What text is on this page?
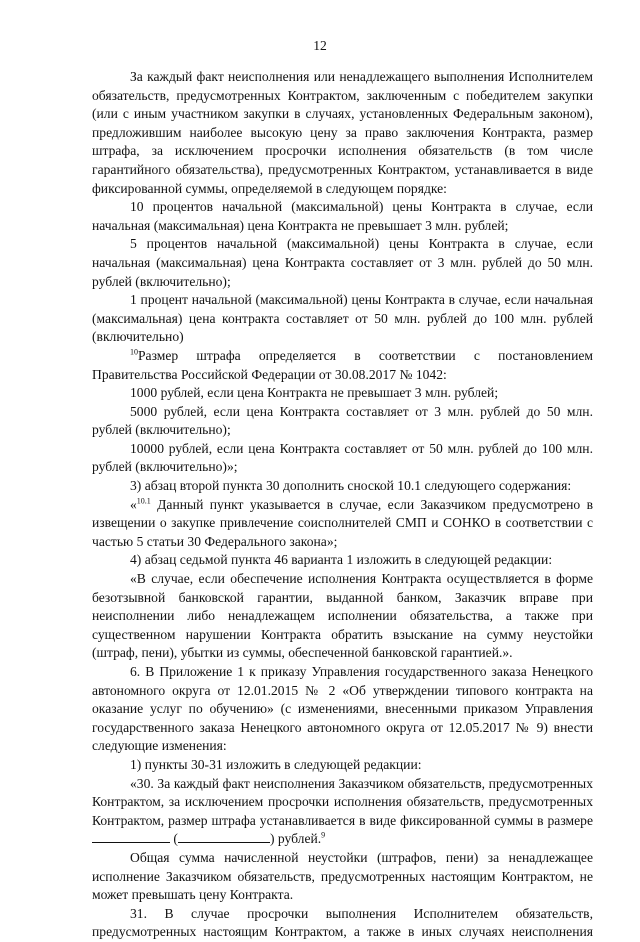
12

За каждый факт неисполнения или ненадлежащего выполнения Исполнителем обязательств, предусмотренных Контрактом, заключенным с победителем закупки (или с иным участником закупки в случаях, установленных Федеральным законом), предложившим наиболее высокую цену за право заключения Контракта, размер штрафа, за исключением просрочки исполнения обязательств (в том числе гарантийного обязательства), предусмотренных Контрактом, устанавливается в виде фиксированной суммы, определяемой в следующем порядке:

10 процентов начальной (максимальной) цены Контракта в случае, если начальная (максимальная) цена Контракта не превышает 3 млн. рублей;

5 процентов начальной (максимальной) цены Контракта в случае, если начальная (максимальная) цена Контракта составляет от 3 млн. рублей до 50 млн. рублей (включительно);

1 процент начальной (максимальной) цены Контракта в случае, если начальная (максимальная) цена контракта составляет от 50 млн. рублей до 100 млн. рублей (включительно)

$^{10}$Размер штрафа определяется в соответствии с постановлением Правительства Российской Федерации от 30.08.2017 № 1042:

1000 рублей, если цена Контракта не превышает 3 млн. рублей;

5000 рублей, если цена Контракта составляет от 3 млн. рублей до 50 млн. рублей (включительно);

10000 рублей, если цена Контракта составляет от 50 млн. рублей до 100 млн. рублей (включительно)»;

3) абзац второй пункта 30 дополнить сноской 10.1 следующего содержания:

«$^{10.1}$ Данный пункт указывается в случае, если Заказчиком предусмотрено в извещении о закупке привлечение соисполнителей СМП и СОНКО в соответствии с частью 5 статьи 30 Федерального закона»;

4) абзац седьмой пункта 46 варианта 1 изложить в следующей редакции:

«В случае, если обеспечение исполнения Контракта осуществляется в форме безотзывной банковской гарантии, выданной банком, Заказчик вправе при неисполнении либо ненадлежащем исполнении обязательства, а также при существенном нарушении Контракта обратить взыскание на сумму неустойки (штраф, пени), убытки из суммы, обеспеченной банковской гарантией.».

6. В Приложение 1 к приказу Управления государственного заказа Ненецкого автономного округа от 12.01.2015 № 2 «Об утверждении типового контракта на оказание услуг по обучению» (с изменениями, внесенными приказом Управления государственного заказа Ненецкого автономного округа от 12.05.2017 № 9) внести следующие изменения:

1) пункты 30-31 изложить в следующей редакции:

«30. За каждый факт неисполнения Заказчиком обязательств, предусмотренных Контрактом, за исключением просрочки исполнения обязательств, предусмотренных Контрактом, размер штрафа устанавливается в виде фиксированной суммы в размере  (	) рублей.$^9$

Общая сумма начисленной неустойки (штрафов, пени) за ненадлежащее исполнение Заказчиком обязательств, предусмотренных настоящим Контрактом, не может превышать цену Контракта.

31. В случае просрочки выполнения Исполнителем обязательств, предусмотренных настоящим Контрактом, а также в иных случаях неисполнения
